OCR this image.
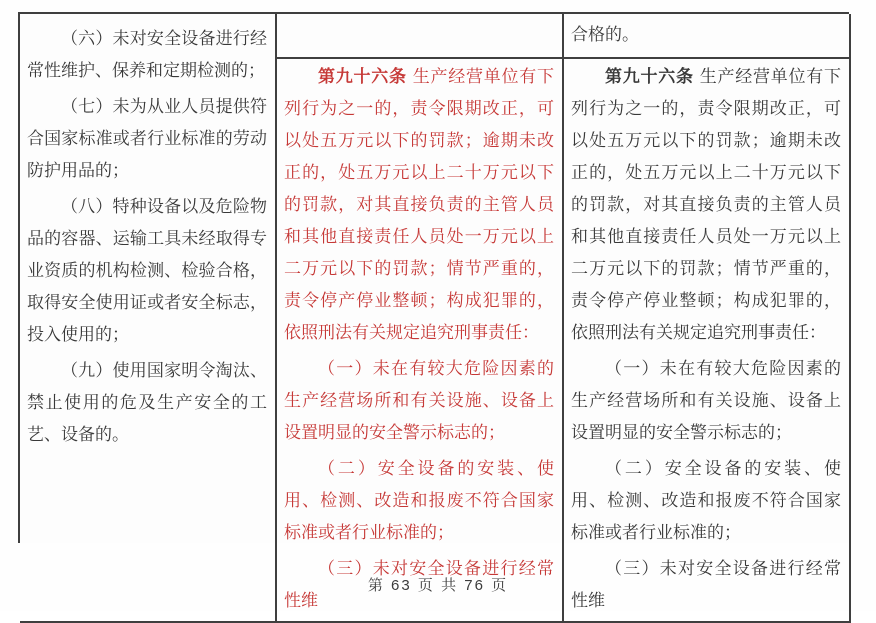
（六）未对安全设备进行经常性维护、保养和定期检测的；

（七）未为从业人员提供符合国家标准或者行业标准的劳动防护用品的；

（八）特种设备以及危险物品的容器、运输工具未经取得专业资质的机构检测、检验合格，取得安全使用证或者安全标志，投入使用的；

（九）使用国家明令淘汰、禁止使用的危及生产安全的工艺、设备的。

合格的。

第九十六条 生产经营单位有下列行为之一的，责令限期改正，可以处五万元以下的罚款；逾期未改正的，处五万元以上二十万元以下的罚款，对其直接负责的主管人员和其他直接责任人员处一万元以上二万元以下的罚款；情节严重的，责令停产停业整顿；构成犯罪的，依照刑法有关规定追究刑事责任：

（一）未在有较大危险因素的生产经营场所和有关设施、设备上设置明显的安全警示标志的；

（二）安全设备的安装、使用、检测、改造和报废不符合国家标准或者行业标准的；

（三）未对安全设备进行经常性维

第九十六条 生产经营单位有下列行为之一的，责令限期改正，可以处五万元以下的罚款；逾期未改正的，处五万元以上二十万元以下的罚款，对其直接负责的主管人员和其他直接责任人员处一万元以上二万元以下的罚款；情节严重的，责令停产停业整顿；构成犯罪的，依照刑法有关规定追究刑事责任：

（一）未在有较大危险因素的生产经营场所和有关设施、设备上设置明显的安全警示标志的；

（二）安全设备的安装、使用、检测、改造和报废不符合国家标准或者行业标准的；

（三）未对安全设备进行经常性维

第 63 页 共 76 页
